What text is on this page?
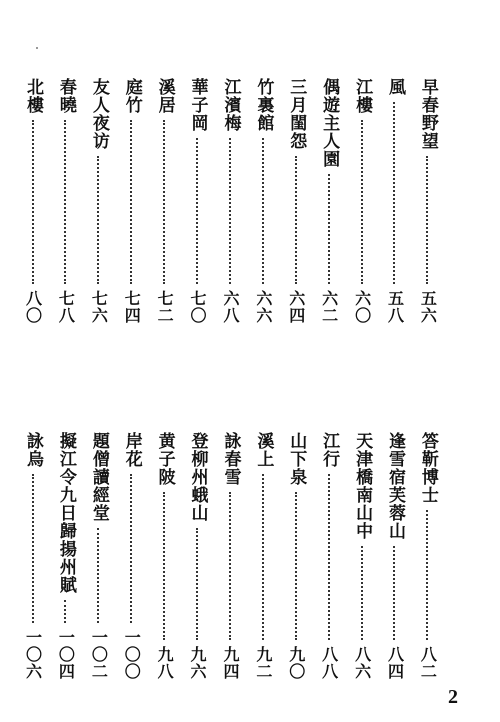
早春野望
五六
風
五八
江樓
六〇
偶遊主人園
六二
三月閨怨
六四
竹裏館
六六
江濱梅
六八
華子岡
七〇
溪居
七二
庭竹
七四
友人夜访
七六
春曉
七八
北樓
八〇
答靳博士
八二
逢雪宿芙蓉山
八四
天津橋南山中
八六
江行
八八
山下泉
九〇
溪上
九二
詠春雪
九四
登柳州蛾山
九六
黄子陂
九八
岸花
一〇〇
題僧讀經堂
一〇二
擬江令九日歸揚州賦
一〇四
詠烏
一〇六
2
